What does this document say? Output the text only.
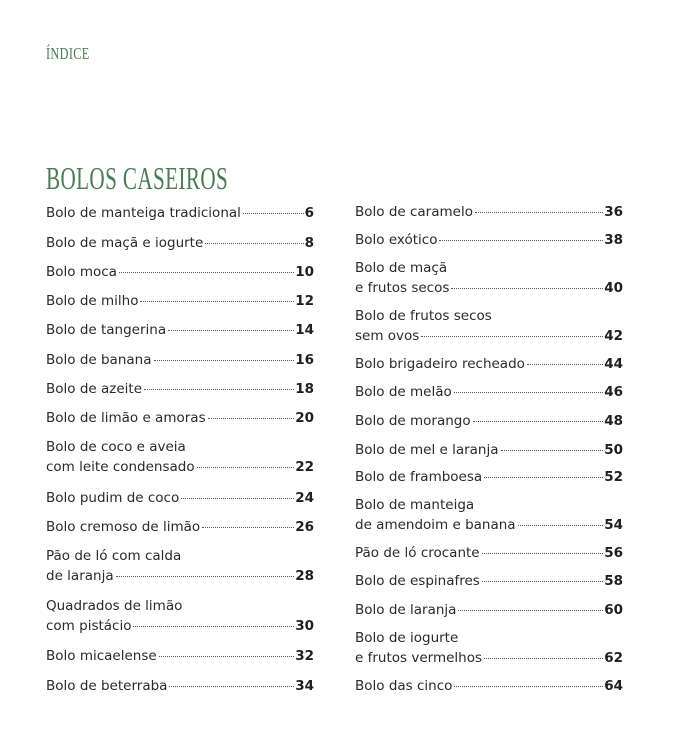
ÍNDICE
BOLOS CASEIROS
Bolo de manteiga tradicional	6
Bolo de maçã e iogurte	8
Bolo moca	10
Bolo de milho	12
Bolo de tangerina	14
Bolo de banana	16
Bolo de azeite	18
Bolo de limão e amoras	20
Bolo de coco e aveia
com leite condensado	22
Bolo pudim de coco	24
Bolo cremoso de limão	26
Pão de ló com calda
de laranja	28
Quadrados de limão
com pistácio	30
Bolo micaelense	32
Bolo de beterraba	34
Bolo de caramelo	36
Bolo exótico	38
Bolo de maçã
e frutos secos	40
Bolo de frutos secos
sem ovos	42
Bolo brigadeiro recheado	44
Bolo de melão	46
Bolo de morango	48
Bolo de mel e laranja	50
Bolo de framboesa	52
Bolo de manteiga
de amendoim e banana	54
Pão de ló crocante	56
Bolo de espinafres	58
Bolo de laranja	60
Bolo de iogurte
e frutos vermelhos	62
Bolo das cinco	64
